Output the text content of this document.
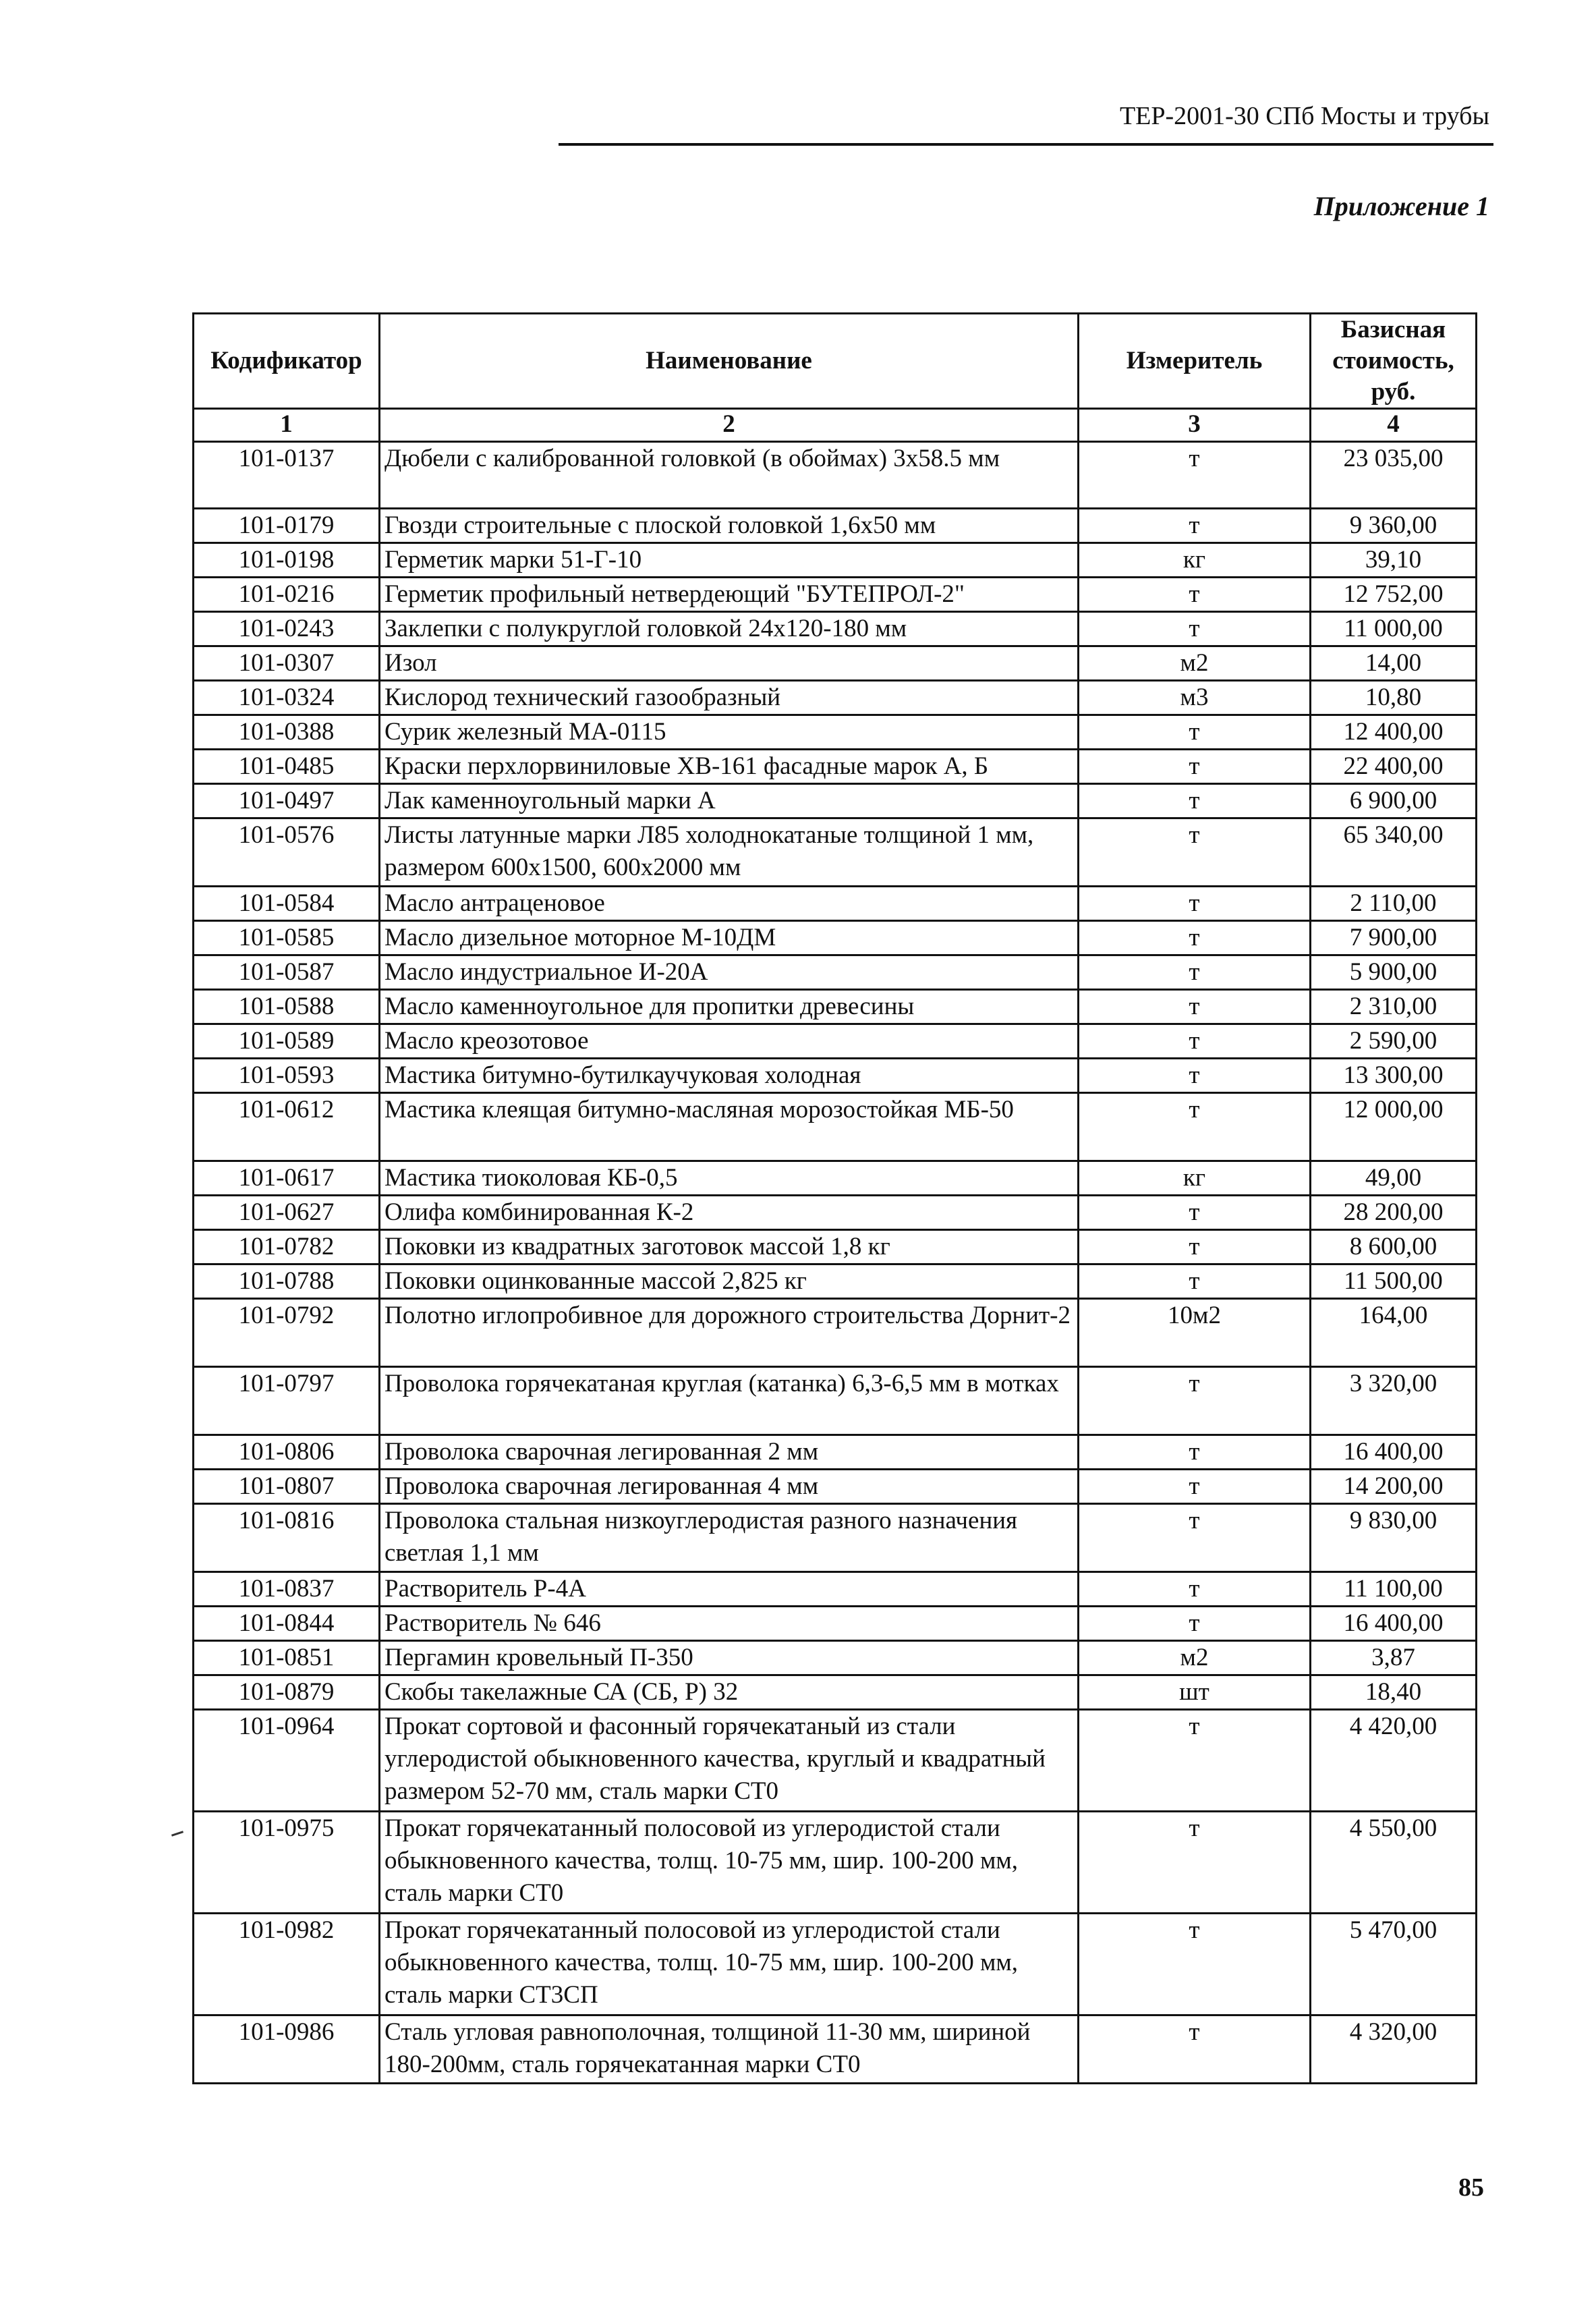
ТЕР-2001-30 СПб Мосты и трубы
Приложение 1
Кодификатор	Наименование	Измеритель	Базисная стоимость, руб.
1	2	3	4
101-0137	Дюбели с калиброванной головкой (в обоймах) 3х58.5 мм	т	23 035,00
101-0179	Гвозди строительные с плоской головкой 1,6х50 мм	т	9 360,00
101-0198	Герметик марки 51-Г-10	кг	39,10
101-0216	Герметик профильный нетвердеющий "БУТЕПРОЛ-2"	т	12 752,00
101-0243	Заклепки с полукруглой головкой 24х120-180 мм	т	11 000,00
101-0307	Изол	м2	14,00
101-0324	Кислород технический газообразный	м3	10,80
101-0388	Сурик железный МА-0115	т	12 400,00
101-0485	Краски перхлорвиниловые ХВ-161 фасадные марок А, Б	т	22 400,00
101-0497	Лак каменноугольный марки А	т	6 900,00
101-0576	Листы латунные марки Л85 холоднокатаные толщиной 1 мм, размером 600х1500, 600х2000 мм	т	65 340,00
101-0584	Масло антраценовое	т	2 110,00
101-0585	Масло дизельное моторное М-10ДМ	т	7 900,00
101-0587	Масло индустриальное И-20А	т	5 900,00
101-0588	Масло каменноугольное для пропитки древесины	т	2 310,00
101-0589	Масло креозотовое	т	2 590,00
101-0593	Мастика битумно-бутилкаучуковая холодная	т	13 300,00
101-0612	Мастика клеящая битумно-масляная морозостойкая МБ-50	т	12 000,00
101-0617	Мастика тиоколовая КБ-0,5	кг	49,00
101-0627	Олифа комбинированная К-2	т	28 200,00
101-0782	Поковки из квадратных заготовок массой 1,8 кг	т	8 600,00
101-0788	Поковки оцинкованные массой 2,825 кг	т	11 500,00
101-0792	Полотно иглопробивное для дорожного строительства Дорнит-2	10м2	164,00
101-0797	Проволока горячекатаная круглая (катанка) 6,3-6,5 мм в мотках	т	3 320,00
101-0806	Проволока сварочная легированная 2 мм	т	16 400,00
101-0807	Проволока сварочная легированная 4 мм	т	14 200,00
101-0816	Проволока стальная низкоуглеродистая разного назначения светлая 1,1 мм	т	9 830,00
101-0837	Растворитель Р-4А	т	11 100,00
101-0844	Растворитель № 646	т	16 400,00
101-0851	Пергамин кровельный П-350	м2	3,87
101-0879	Скобы такелажные СА (СБ, Р) 32	шт	18,40
101-0964	Прокат сортовой и фасонный горячекатаный из стали углеродистой обыкновенного качества, круглый и квадратный размером 52-70 мм, сталь марки СТ0	т	4 420,00
101-0975	Прокат горячекатанный полосовой из углеродистой стали обыкновенного качества, толщ. 10-75 мм, шир. 100-200 мм, сталь марки СТ0	т	4 550,00
101-0982	Прокат горячекатанный полосовой из углеродистой стали обыкновенного качества, толщ. 10-75 мм, шир. 100-200 мм, сталь марки СТ3СП	т	5 470,00
101-0986	Сталь угловая равнополочная, толщиной 11-30 мм, шириной 180-200мм, сталь горячекатанная марки СТ0	т	4 320,00
85
